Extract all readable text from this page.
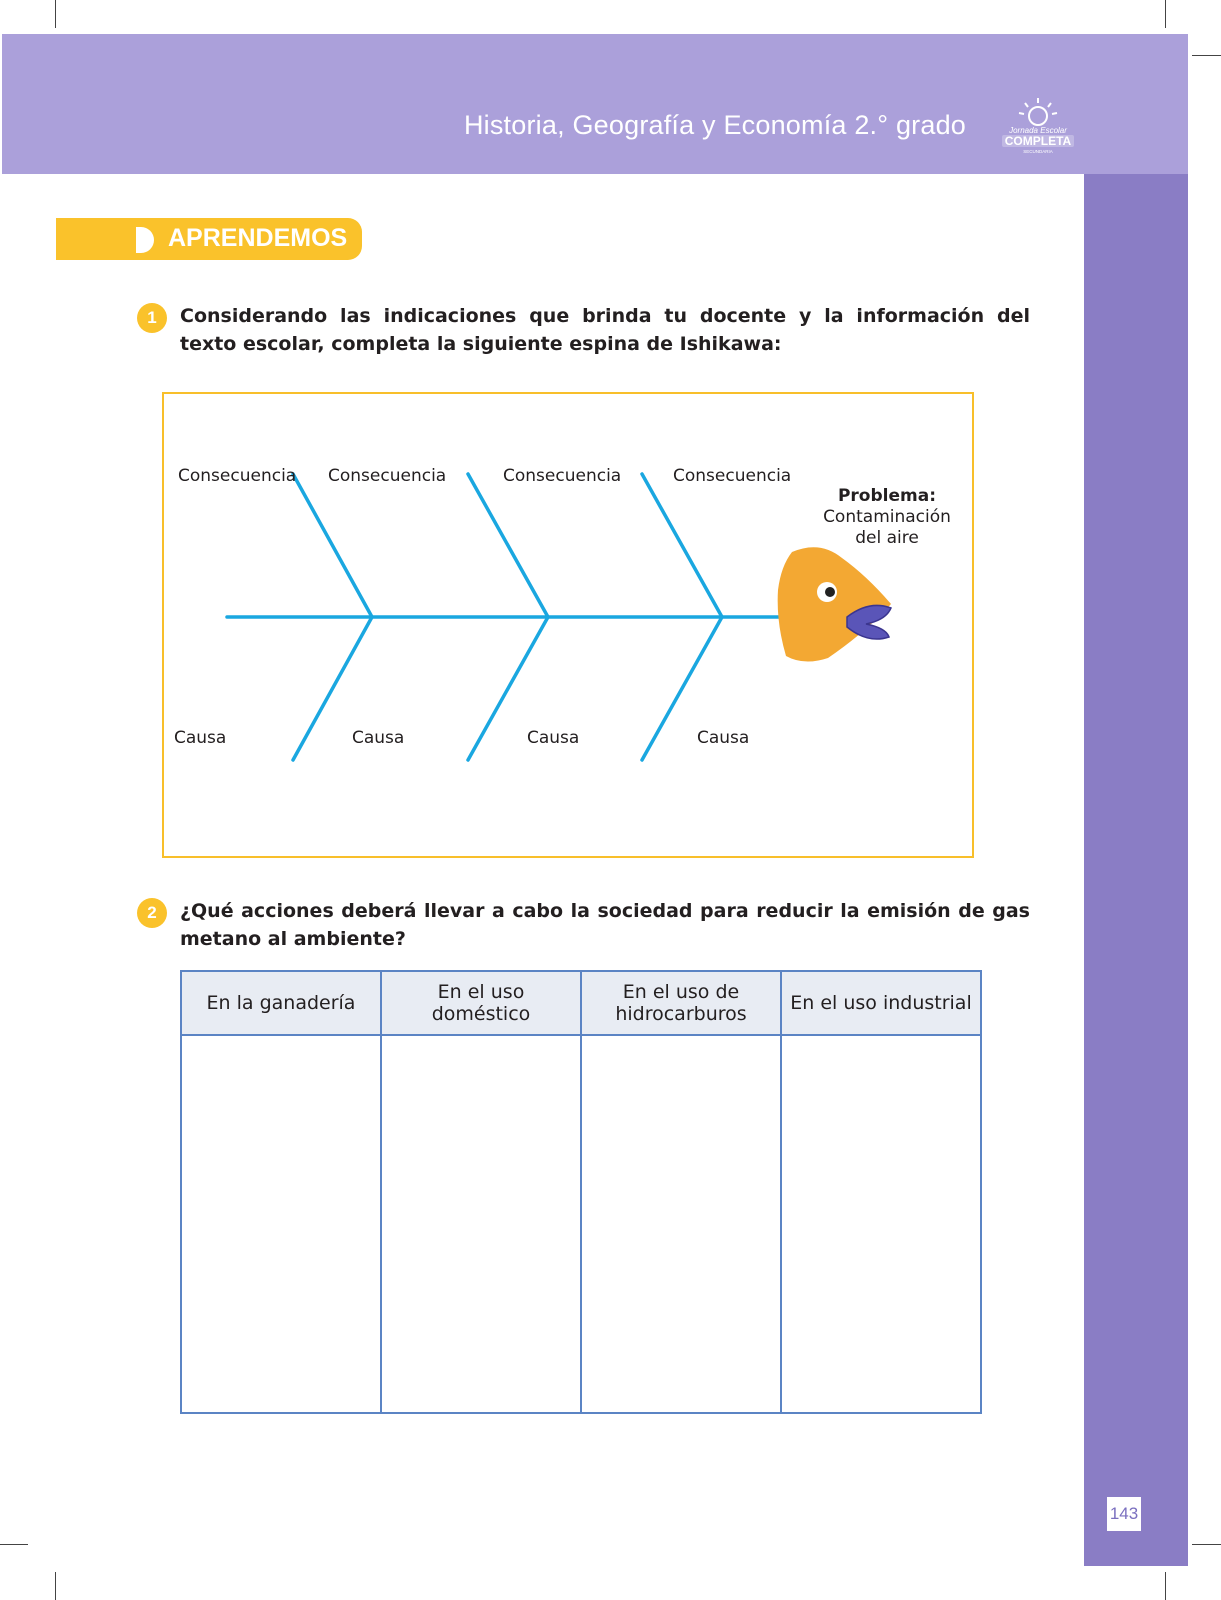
Historia, Geografía y Economía 2.° grado	Jornada Escolar
COMPLETA
SECUNDARIA
143
APRENDEMOS
1	Considerando las indicaciones que brinda tu docente y la información del texto escolar, completa la siguiente espina de Ishikawa:
Consecuencia Consecuencia	Consecuencia	Consecuencia
Causa	Causa	Causa	Causa
Problema:
Contaminación
del aire
2	¿Qué acciones deberá llevar a cabo la sociedad para reducir la emisión de gas metano al ambiente?
En la ganadería	En el uso doméstico	En el uso de hidrocarburos	En el uso industrial
